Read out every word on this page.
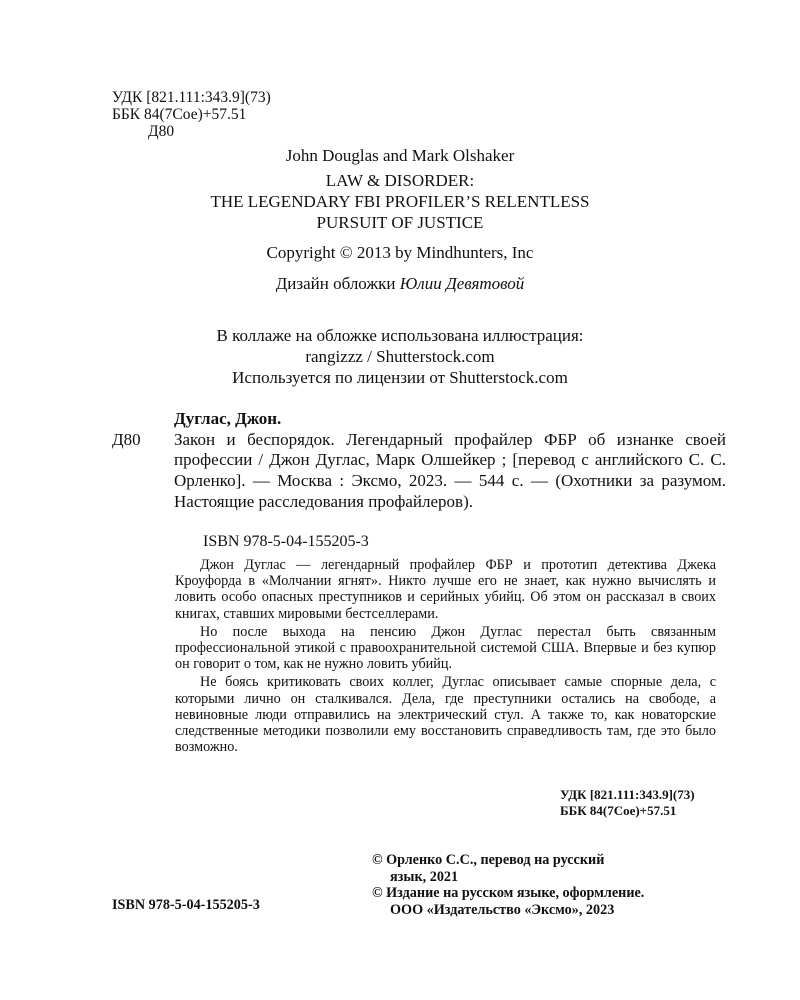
УДК [821.111:343.9](73)
ББК 84(7Сое)+57.51
Д80
John Douglas and Mark Olshaker
LAW & DISORDER:
THE LEGENDARY FBI PROFILER’S RELENTLESS
PURSUIT OF JUSTICE
Copyright © 2013 by Mindhunters, Inc
Дизайн обложки Юлии Девятовой
В коллаже на обложке использована иллюстрация:
rangizzz / Shutterstock.com
Используется по лицензии от Shutterstock.com
Дуглас, Джон.
Д80 Закон и беспорядок. Легендарный профайлер ФБР об изнанке своей профессии / Джон Дуглас, Марк Олшейкер ; [перевод с английского С. С. Орленко]. — Москва : Эксмо, 2023. — 544 с. — (Охотники за разумом. Настоящие расследования профайлеров).
ISBN 978-5-04-155205-3

Джон Дуглас — легендарный профайлер ФБР и прототип детектива Джека Кроуфорда в «Молчании ягнят». Никто лучше его не знает, как нужно вычислять и ловить особо опасных преступников и серийных убийц. Об этом он рассказал в своих книгах, ставших мировыми бестселлерами.

Но после выхода на пенсию Джон Дуглас перестал быть связанным профессиональной этикой с правоохранительной системой США. Впервые и без купюр он говорит о том, как не нужно ловить убийц.

Не боясь критиковать своих коллег, Дуглас описывает самые спорные дела, с которыми лично он сталкивался. Дела, где преступники остались на свободе, а невиновные люди отправились на электрический стул. А также то, как новаторские следственные методики позволили ему восстановить справедливость там, где это было возможно.

УДК [821.111:343.9](73)
ББК 84(7Сое)+57.51
© Орленко С.С., перевод на русский
язык, 2021
© Издание на русском языке, оформление.
ООО «Издательство «Эксмо», 2023
ISBN 978-5-04-155205-3
